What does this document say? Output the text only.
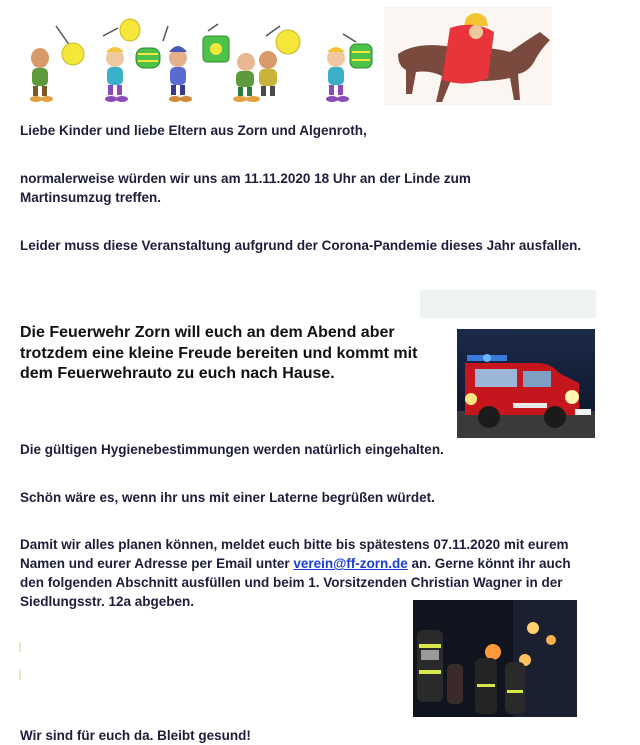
Liebe Kinder und liebe Eltern aus Zorn und Algenroth,

normalerweise würden wir uns am 11.11.2020 18 Uhr an der Linde zum Martinsumzug treffen.

Leider muss diese Veranstaltung aufgrund der Corona-Pandemie dieses Jahr ausfallen.

Die Feuerwehr Zorn will euch an dem Abend aber trotzdem eine kleine Freude bereiten und kommt mit dem Feuerwehrauto zu euch nach Hause.

Die gültigen Hygienebestimmungen werden natürlich eingehalten.

Schön wäre es, wenn ihr uns mit einer Laterne begrüßen würdet.

Damit wir alles planen können, meldet euch bitte bis spätestens 07.11.2020 mit eurem Namen und eurer Adresse per Email unter verein@ff-zorn.de an. Gerne könnt ihr auch den folgenden Abschnitt ausfüllen und beim 1. Vorsitzenden Christian Wagner in der Siedlungsstr. 12a abgeben.

Wir sind für euch da. Bleibt gesund!
